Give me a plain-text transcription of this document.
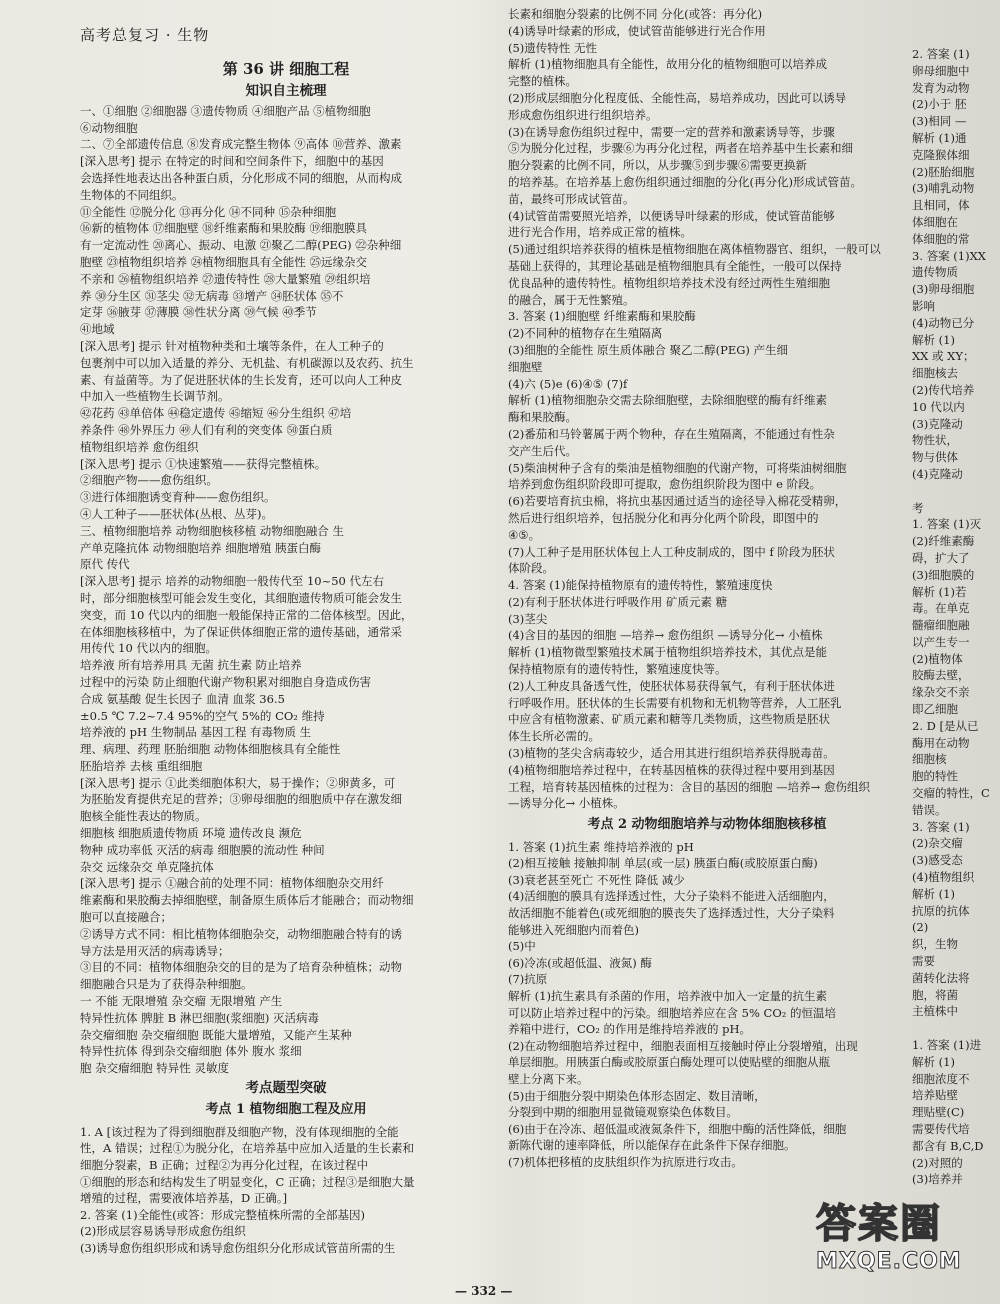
高考总复习 · 生物
第 36 讲 细胞工程
知识自主梳理
一、①细胞 ②细胞器 ③遗传物质 ④细胞产品 ⑤植物细胞
⑥动物细胞
二、⑦全部遗传信息 ⑧发育成完整生物体 ⑨高体 ⑩营养、激素
[深入思考] 提示 在特定的时间和空间条件下，细胞中的基因
会选择性地表达出各种蛋白质，分化形成不同的细胞，从而构成
生物体的不同组织。
⑪全能性 ⑫脱分化 ⑬再分化 ⑭不同种 ⑮杂种细胞
⑯新的植物体 ⑰细胞壁 ⑱纤维素酶和果胶酶 ⑲细胞膜具
有一定流动性 ⑳离心、振动、电激 ㉑聚乙二醇(PEG) ㉒杂种细
胞壁 ㉓植物组织培养 ㉔植物细胞具有全能性 ㉕远缘杂交
不亲和 ㉖植物组织培养 ㉗遗传特性 ㉘大量繁殖 ㉙组织培
养 ㉚分生区 ㉛茎尖 ㉜无病毒 ㉝增产 ㉞胚状体 ㉟不
定芽 ㊱腋芽 ㊲薄膜 ㊳性状分离 ㊴气候 ㊵季节
㊶地域
[深入思考] 提示 针对植物种类和土壤等条件，在人工种子的
包裹剂中可以加入适量的养分、无机盐、有机碳源以及农药、抗生
素、有益菌等。为了促进胚状体的生长发育，还可以向人工种皮
中加入一些植物生长调节剂。
㊷花药 ㊸单倍体 ㊹稳定遗传 ㊺缩短 ㊻分生组织 ㊼培
养条件 ㊽外界压力 ㊾人们有利的突变体 ㊿蛋白质
植物组织培养 愈伤组织
[深入思考] 提示 ①快速繁殖——获得完整植株。
②细胞产物——愈伤组织。
③进行体细胞诱变育种——愈伤组织。
④人工种子——胚状体(丛根、丛芽)。
三、植物细胞培养 动物细胞核移植 动物细胞融合 生
产单克隆抗体 动物细胞培养 细胞增殖 胰蛋白酶
原代 传代
[深入思考] 提示 培养的动物细胞一般传代至 10~50 代左右
时，部分细胞核型可能会发生变化，其细胞遗传物质可能会发生
突变，而 10 代以内的细胞一般能保持正常的二倍体核型。因此，
在体细胞核移植中，为了保证供体细胞正常的遗传基础，通常采
用传代 10 代以内的细胞。
培养液 所有培养用具 无菌 抗生素 防止培养
过程中的污染 防止细胞代谢产物积累对细胞自身造成伤害
合成 氨基酸 促生长因子 血清 血浆 36.5
±0.5 ℃ 7.2~7.4 95%的空气 5%的 CO₂ 维持
培养液的 pH 生物制品 基因工程 有毒物质 生
理、病理、药理 胚胎细胞 动物体细胞核具有全能性
胚胎培养 去核 重组细胞
[深入思考] 提示 ①此类细胞体积大，易于操作；②卵黄多，可
为胚胎发育提供充足的营养；③卵母细胞的细胞质中存在激发细
胞核全能性表达的物质。
细胞核 细胞质遗传物质 环境 遗传改良 濒危
物种 成功率低 灭活的病毒 细胞膜的流动性 种间
杂交 远缘杂交 单克隆抗体
[深入思考] 提示 ①融合前的处理不同：植物体细胞杂交用纤
维素酶和果胶酶去掉细胞壁，制备原生质体后才能融合；而动物细
胞可以直接融合；
②诱导方式不同：相比植物体细胞杂交，动物细胞融合特有的诱
导方法是用灭活的病毒诱导；
③目的不同：植物体细胞杂交的目的是为了培育杂种植株；动物
细胞融合只是为了获得杂种细胞。
一 不能 无限增殖 杂交瘤 无限增殖 产生
特异性抗体 脾脏 B 淋巴细胞(浆细胞) 灭活病毒
杂交瘤细胞 杂交瘤细胞 既能大量增殖，又能产生某种
特异性抗体 得到杂交瘤细胞 体外 腹水 浆细
胞 杂交瘤细胞 特异性 灵敏度
考点题型突破
考点 1 植物细胞工程及应用
1. A [该过程为了得到细胞群及细胞产物，没有体现细胞的全能
性，A 错误；过程①为脱分化，在培养基中应加入适量的生长素和
细胞分裂素，B 正确；过程②为再分化过程，在该过程中
①细胞的形态和结构发生了明显变化，C 正确；过程③是细胞大量
增殖的过程，需要液体培养基，D 正确。]
2. 答案 (1)全能性(或答：形成完整植株所需的全部基因)
(2)形成层容易诱导形成愈伤组织
(3)诱导愈伤组织形成和诱导愈伤组织分化形成试管苗所需的生
长素和细胞分裂素的比例不同 分化(或答：再分化)
(4)诱导叶绿素的形成，使试管苗能够进行光合作用
(5)遗传特性 无性
解析 (1)植物细胞具有全能性，故用分化的植物细胞可以培养成
完整的植株。
(2)形成层细胞分化程度低、全能性高，易培养成功，因此可以诱导
形成愈伤组织进行组织培养。
(3)在诱导愈伤组织过程中，需要一定的营养和激素诱导等，步骤
⑤为脱分化过程，步骤⑥为再分化过程，两者在培养基中生长素和细
胞分裂素的比例不同，所以，从步骤⑤到步骤⑥需要更换新
的培养基。在培养基上愈伤组织通过细胞的分化(再分化)形成试管苗。
苗，最终可形成试管苗。
(4)试管苗需要照光培养，以便诱导叶绿素的形成，使试管苗能够
进行光合作用，培养成正常的植株。
(5)通过组织培养获得的植株是植物细胞在离体植物器官、组织，一般可以
基础上获得的，其理论基础是植物细胞具有全能性，一般可以保持
优良品种的遗传特性。植物组织培养技术没有经过两性生殖细胞
的融合，属于无性繁殖。
3. 答案 (1)细胞壁 纤维素酶和果胶酶
(2)不同种的植物存在生殖隔离
(3)细胞的全能性 原生质体融合 聚乙二醇(PEG) 产生细
细胞壁
(4)六 (5)e (6)④⑤ (7)f
解析 (1)植物细胞杂交需去除细胞壁，去除细胞壁的酶有纤维素
酶和果胶酶。
(2)番茄和马铃薯属于两个物种，存在生殖隔离，不能通过有性杂
交产生后代。
(5)柴油树种子含有的柴油是植物细胞的代谢产物，可将柴油树细胞
培养到愈伤组织阶段即可提取，愈伤组织阶段为图中 e 阶段。
(6)若要培育抗虫棉，将抗虫基因通过适当的途径导入棉花受精卵，
然后进行组织培养，包括脱分化和再分化两个阶段，即图中的
④⑤。
(7)人工种子是用胚状体包上人工种皮制成的，图中 f 阶段为胚状
体阶段。
4. 答案 (1)能保持植物原有的遗传特性，繁殖速度快
(2)有利于胚状体进行呼吸作用 矿质元素 糖
(3)茎尖
(4)含目的基因的细胞 —培养→ 愈伤组织 —诱导分化→ 小植株
解析 (1)植物微型繁殖技术属于植物组织培养技术，其优点是能
保持植物原有的遗传特性，繁殖速度快等。
(2)人工种皮具备透气性，使胚状体易获得氧气，有利于胚状体进
行呼吸作用。胚状体的生长需要有机物和无机物等营养，人工胚乳
中应含有植物激素、矿质元素和糖等几类物质，这些物质是胚状
体生长所必需的。
(3)植物的茎尖含病毒较少，适合用其进行组织培养获得脱毒苗。
(4)植物细胞培养过程中，在转基因植株的获得过程中要用到基因
工程，培育转基因植株的过程为：含目的基因的细胞 —培养→ 愈伤组织
—诱导分化→ 小植株。
考点 2 动物细胞培养与动物体细胞核移植
1. 答案 (1)抗生素 维持培养液的 pH
(2)相互接触 接触抑制 单层(或一层) 胰蛋白酶(或胶原蛋白酶)
(3)衰老甚至死亡 不死性 降低 减少
(4)活细胞的膜具有选择透过性，大分子染料不能进入活细胞内，
故活细胞不能着色(或死细胞的膜丧失了选择透过性，大分子染料
能够进入死细胞内而着色)
(5)中
(6)冷冻(或超低温、液氮) 酶
(7)抗原
解析 (1)抗生素具有杀菌的作用，培养液中加入一定量的抗生素
可以防止培养过程中的污染。细胞培养应在含 5% CO₂ 的恒温培
养箱中进行，CO₂ 的作用是维持培养液的 pH。
(2)在动物细胞培养过程中，细胞表面相互接触时停止分裂增殖，出现
单层细胞。用胰蛋白酶或胶原蛋白酶处理可以使贴壁的细胞从瓶
壁上分离下来。
(5)由于细胞分裂中期染色体形态固定、数目清晰，
分裂到中期的细胞用显微镜观察染色体数目。
(6)由于在冷冻、超低温或液氮条件下，细胞中酶的活性降低，细胞
新陈代谢的速率降低，所以能保存在此条件下保存细胞。
(7)机体把移植的皮肤组织作为抗原进行攻击。
2. 答案 (1)
卵母细胞中
发育为动物
(2)小于 胚
(3)相同 —
解析 (1)通
克隆猴体细
(2)胚胎细胞
(3)哺乳动物
且相同，体
体细胞在
体细胞的常
3. 答案 (1)XX
遗传物质
(3)卵母细胞
影响
(4)动物已分
解析 (1)
XX 或 XY；
细胞核去
(2)传代培养
10 代以内
(3)克隆动
物性状，
物与供体
(4)克隆动

考
1. 答案 (1)灭
(2)纤维素酶
碍，扩大了
(3)细胞膜的
解析 (1)若
毒。在单克
髓瘤细胞融
以产生专一
(2)植物体
胶酶去壁，
缘杂交不亲
即乙细胞
2. D [是从已
酶用在动物
细胞核
胞的特性
交瘤的特性，C
错误。
3. 答案 (1)
(2)杂交瘤
(3)感受态
(4)植物组织
解析 (1)
抗原的抗体
(2)
织，生物
需要
菌转化法将
胞，将菌
主植株中

1. 答案 (1)进
解析 (1)
细胞浓度不
培养贴壁
理贴壁(C)
需要传代培
都含有 B,C,D
(2)对照的
(3)培养并
— 332 —
答案圈
MXQE.COM
